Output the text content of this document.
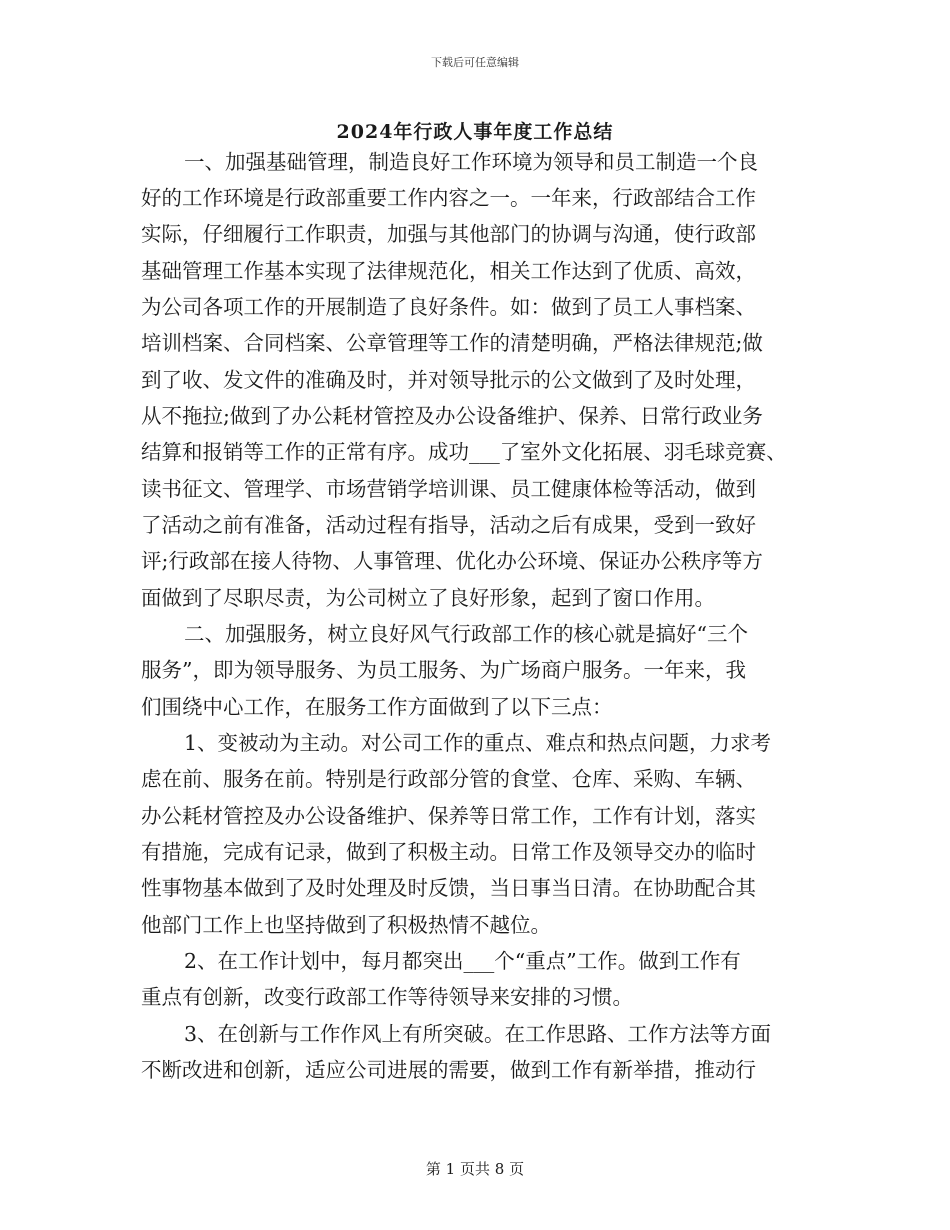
下载后可任意编辑
2024年行政人事年度工作总结
一、加强基础管理，制造良好工作环境为领导和员工制造一个良
好的工作环境是行政部重要工作内容之一。一年来，行政部结合工作
实际，仔细履行工作职责，加强与其他部门的协调与沟通，使行政部
基础管理工作基本实现了法律规范化，相关工作达到了优质、高效，
为公司各项工作的开展制造了良好条件。如：做到了员工人事档案、
培训档案、合同档案、公章管理等工作的清楚明确，严格法律规范;做
到了收、发文件的准确及时，并对领导批示的公文做到了及时处理，
从不拖拉;做到了办公耗材管控及办公设备维护、保养、日常行政业务
结算和报销等工作的正常有序。成功___了室外文化拓展、羽毛球竞赛、
读书征文、管理学、市场营销学培训课、员工健康体检等活动，做到
了活动之前有准备，活动过程有指导，活动之后有成果，受到一致好
评;行政部在接人待物、人事管理、优化办公环境、保证办公秩序等方
面做到了尽职尽责，为公司树立了良好形象，起到了窗口作用。
二、加强服务，树立良好风气行政部工作的核心就是搞好“三个
服务”，即为领导服务、为员工服务、为广场商户服务。一年来，我
们围绕中心工作，在服务工作方面做到了以下三点：
1、变被动为主动。对公司工作的重点、难点和热点问题，力求考
虑在前、服务在前。特别是行政部分管的食堂、仓库、采购、车辆、
办公耗材管控及办公设备维护、保养等日常工作，工作有计划，落实
有措施，完成有记录，做到了积极主动。日常工作及领导交办的临时
性事物基本做到了及时处理及时反馈，当日事当日清。在协助配合其
他部门工作上也坚持做到了积极热情不越位。
2、在工作计划中，每月都突出___个“重点”工作。做到工作有
重点有创新，改变行政部工作等待领导来安排的习惯。
3、在创新与工作作风上有所突破。在工作思路、工作方法等方面
不断改进和创新，适应公司进展的需要，做到工作有新举措，推动行
第 1 页共 8 页
